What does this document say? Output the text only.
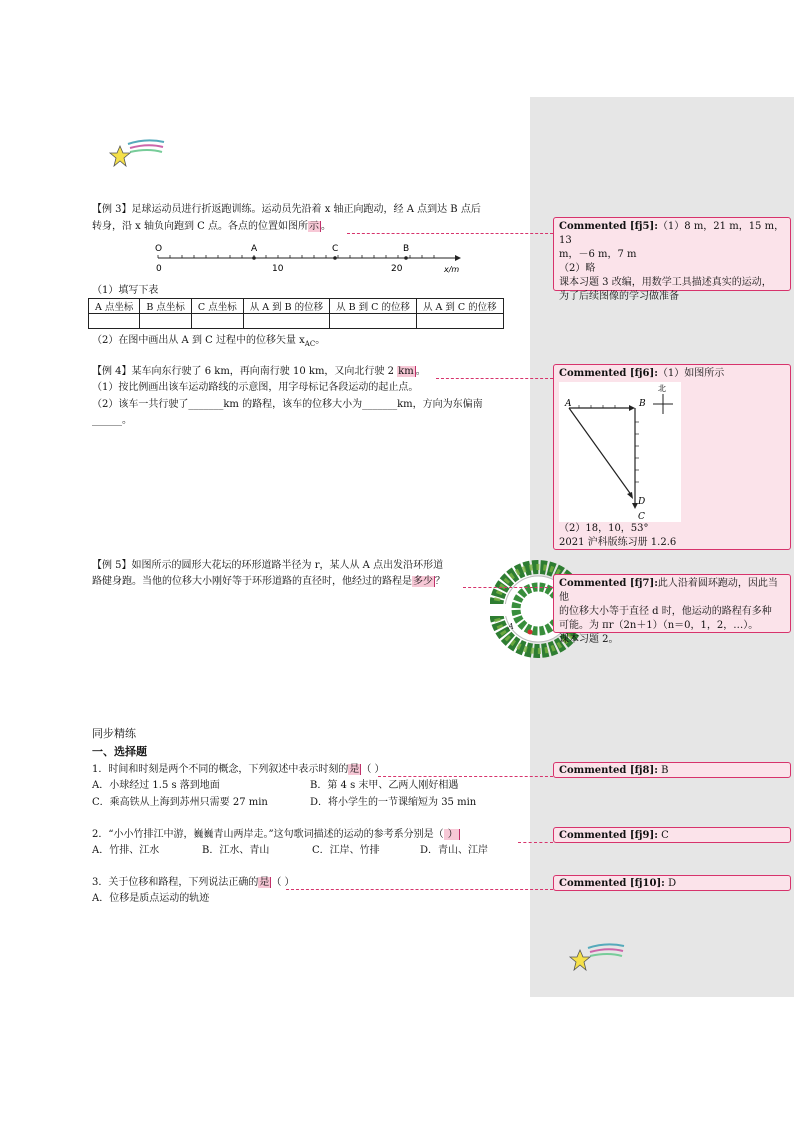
【例 3】足球运动员进行折返跑训练。运动员先沿着 x 轴正向跑动，经 A 点到达 B 点后
转身，沿 x 轴负向跑到 C 点。各点的位置如图所示 。
O	A	C	B
0	10	20	x/m
（1）填写下表
A 点坐标	B 点坐标	C 点坐标	从 A 到 B 的位移	从 B 到 C 的位移	从 A 到 C 的位移

（2）在图中画出从 A 到 C 过程中的位移矢量 $x_{AC}$。
Commented [fj5]:（1）8 m，21 m，15 m，13
m，－6 m，7 m
（2）略
课本习题 3 改编，用数学工具描述真实的运动，
为了后续图像的学习做准备
【例 4】某车向东行驶了 6 km，再向南行驶 10 km，又向北行驶 2 km 。
（1）按比例画出该车运动路线的示意图，用字母标记各段运动的起止点。
（2）该车一共行驶了_______km 的路程，该车的位移大小为_______km，方向为东偏南
______。
Commented [fj6]:（1）如图所示
A	B
D
C
北
（2）18，10，53°
2021 沪科版练习册 1.2.6
【例 5】如图所示的圆形大花坛的环形道路半径为 r，某人从 A 点出发沿环形道
路健身跑。当他的位移大小刚好等于环形道路的直径时，他经过的路程是多少 ？
A
Commented [fj7]:此人沿着圆环跑动，因此当他
的位移大小等于直径 d 时，他运动的路程有多种
可能。为 πr（2n＋1）（n＝0，1，2，…）。
课本习题 2。
同步精练
一、选择题
1．时间和时刻是两个不同的概念，下列叙述中表示时刻的是 （ ）
A．小球经过 1.5 s 落到地面	B．第 4 s 末甲、乙两人刚好相遇
C．乘高铁从上海到苏州只需要 27 min	D．将小学生的一节课缩短为 35 min
2．“小小竹排江中游，巍巍青山两岸走。”这句歌词描述的运动的参考系分别是（ ）
A．竹排、江水	B．江水、青山	C．江岸、竹排	D．青山、江岸
3．关于位移和路程，下列说法正确的是 （ ）
A．位移是质点运动的轨迹
Commented [fj8]: B
Commented [fj9]: C
Commented [fj10]: D
